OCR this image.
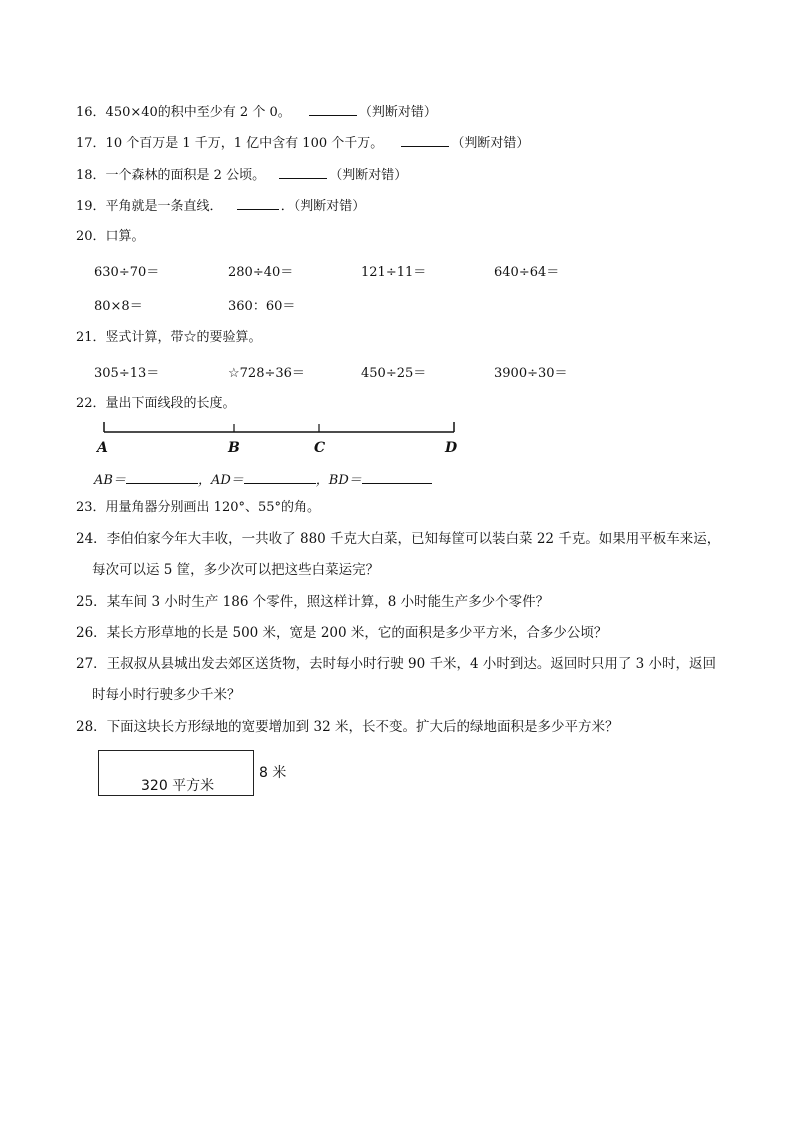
16．450×40的积中至少有 2 个 0。	（判断对错）
17．10 个百万是 1 千万，1 亿中含有 100 个千万。	（判断对错）
18．一个森林的面积是 2 公顷。	（判断对错）
19．平角就是一条直线．	．（判断对错）
20．口算。
630÷70＝	280÷40＝	121÷11＝	640÷64＝
80×8＝	360：60＝
21．竖式计算，带☆的要验算。
305÷13＝	☆728÷36＝	450÷25＝	3900÷30＝
22．量出下面线段的长度。
A	B	C	D
AB＝	，AD＝	，BD＝
23．用量角器分别画出 120°、55°的角。
24．李伯伯家今年大丰收，一共收了 880 千克大白菜，已知每筐可以装白菜 22 千克。如果用平板车来运，
每次可以运 5 筐，多少次可以把这些白菜运完？
25．某车间 3 小时生产 186 个零件，照这样计算，8 小时能生产多少个零件？
26．某长方形草地的长是 500 米，宽是 200 米，它的面积是多少平方米，合多少公顷？
27．王叔叔从县城出发去郊区送货物，去时每小时行驶 90 千米，4 小时到达。返回时只用了 3 小时，返回
时每小时行驶多少千米？
28．下面这块长方形绿地的宽要增加到 32 米，长不变。扩大后的绿地面积是多少平方米？
320 平方米
8 米
